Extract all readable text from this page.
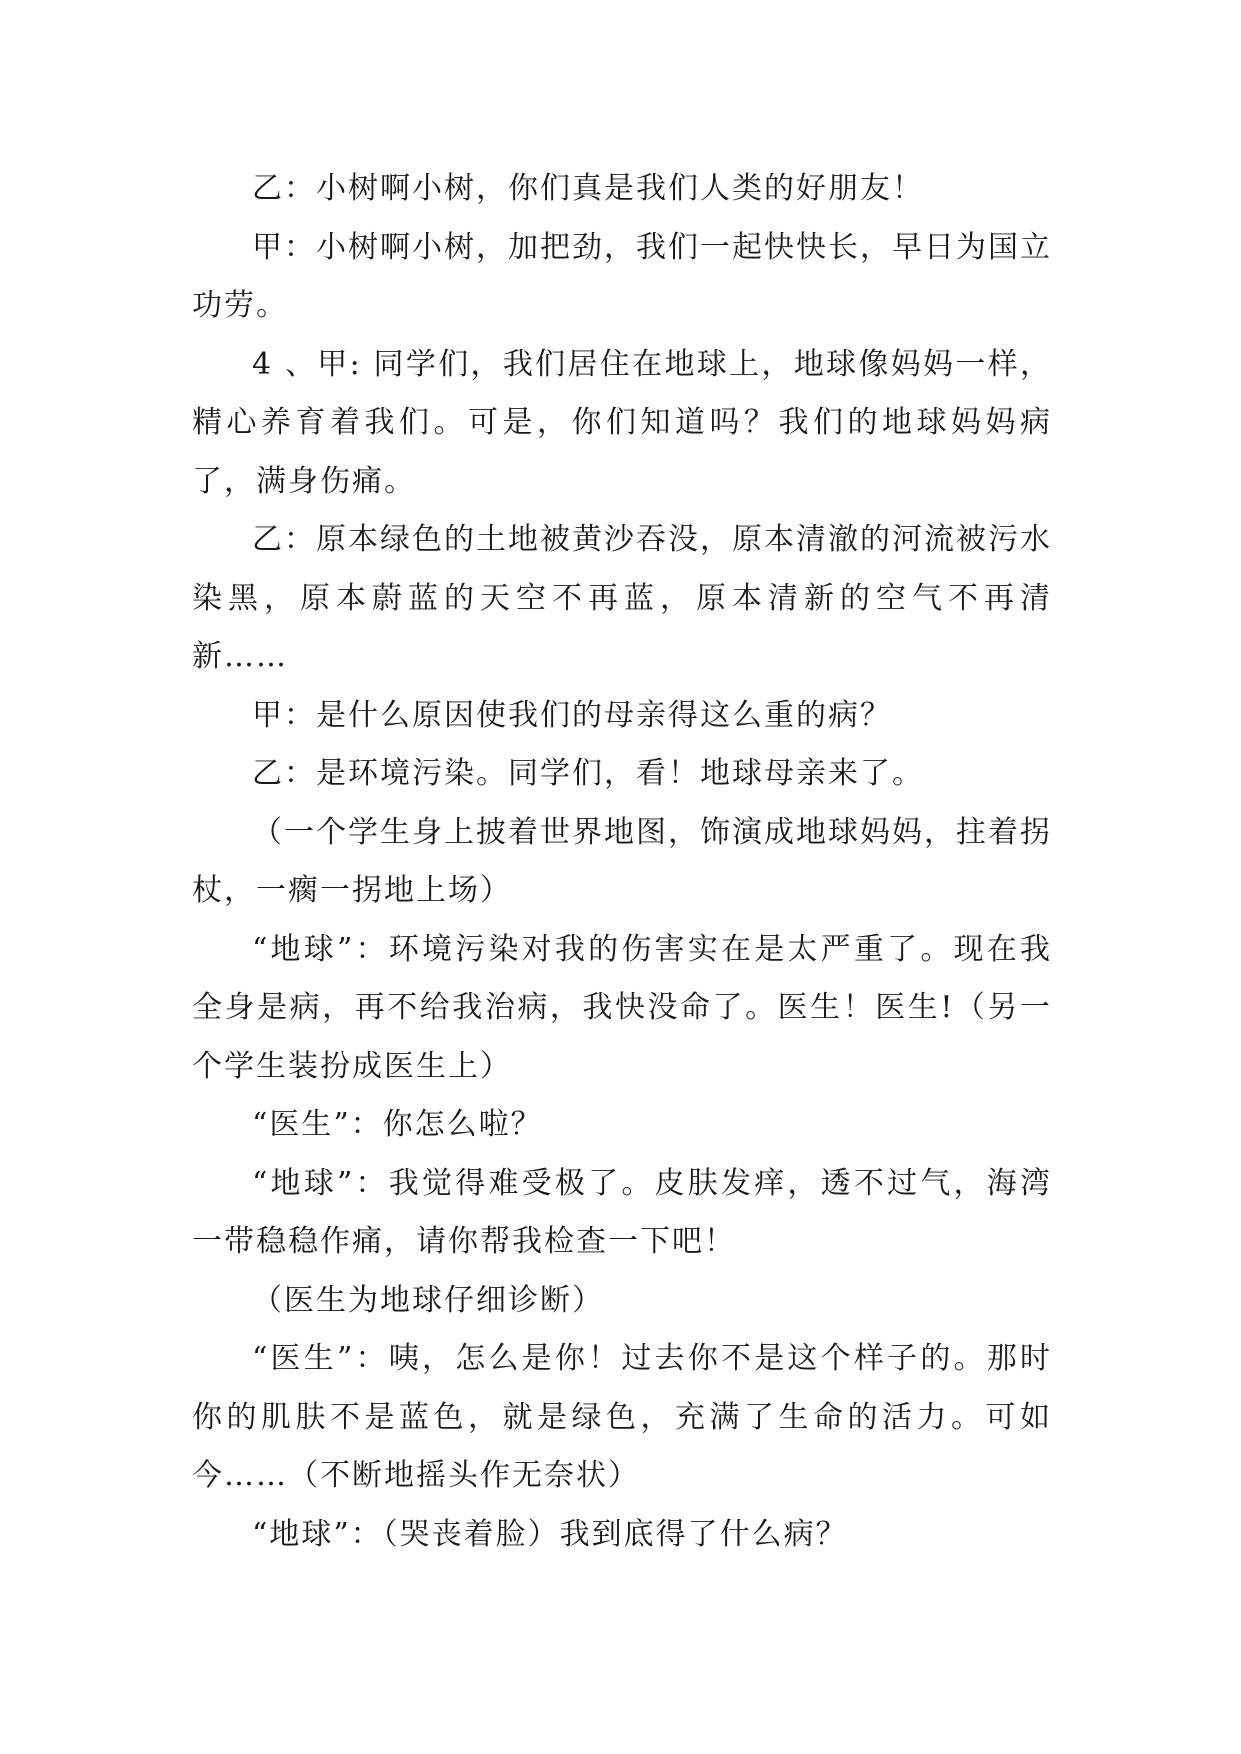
乙：小树啊小树，你们真是我们人类的好朋友！

甲：小树啊小树，加把劲，我们一起快快长，早日为国立功劳。

4 、甲: 同学们，我们居住在地球上，地球像妈妈一样，精心养育着我们。可是，你们知道吗？我们的地球妈妈病了，满身伤痛。

乙：原本绿色的土地被黄沙吞没，原本清澈的河流被污水染黑，原本蔚蓝的天空不再蓝，原本清新的空气不再清新……

甲：是什么原因使我们的母亲得这么重的病？

乙：是环境污染。同学们，看！地球母亲来了。

（一个学生身上披着世界地图，饰演成地球妈妈，拄着拐杖，一瘸一拐地上场）

“地球”：环境污染对我的伤害实在是太严重了。现在我全身是病，再不给我治病，我快没命了。医生！医生!（另一个学生装扮成医生上）

“医生”：你怎么啦？

“地球”：我觉得难受极了。皮肤发痒，透不过气，海湾一带稳稳作痛，请你帮我检查一下吧！

（医生为地球仔细诊断）

“医生”：咦，怎么是你！过去你不是这个样子的。那时你的肌肤不是蓝色，就是绿色，充满了生命的活力。可如今……（不断地摇头作无奈状）

“地球”：（哭丧着脸）我到底得了什么病？
